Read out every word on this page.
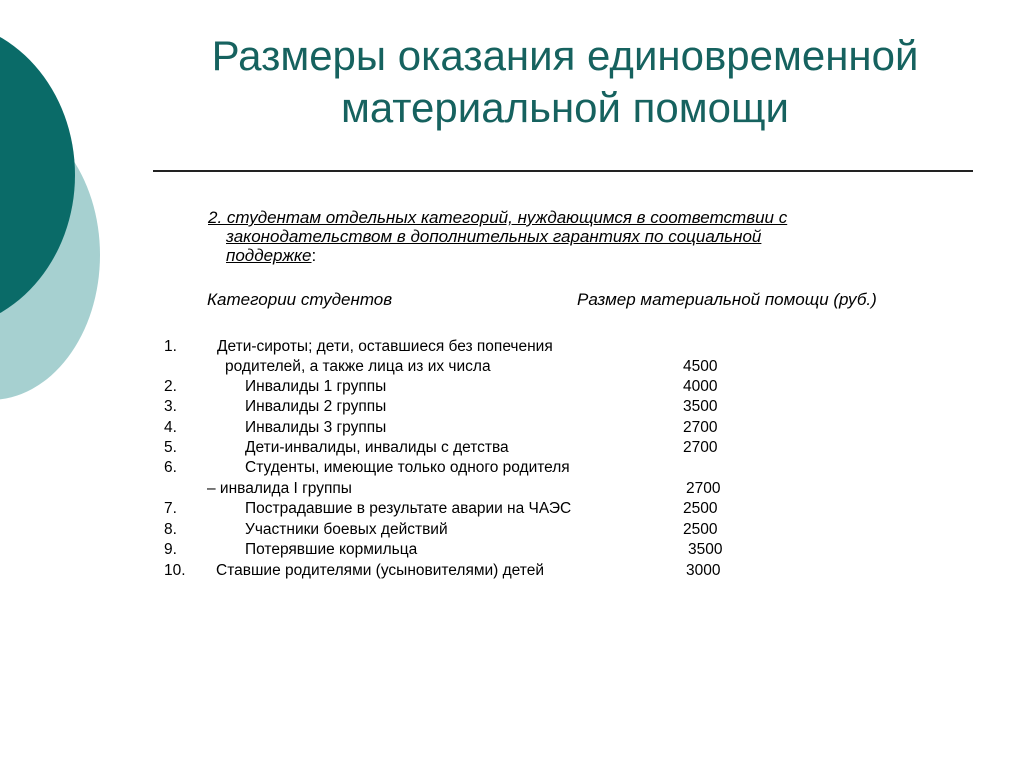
Размеры оказания единовременной
материальной помощи
2. студентам отдельных категорий, нуждающимся в соответствии с
законодательством в дополнительных гарантиях по социальной
поддержке:
Категории студентов	Размер материальной помощи (руб.)
1.	Дети-сироты; дети, оставшиеся без попечения
родителей, а также лица из их числа	4500
2.	Инвалиды 1 группы	4000
3.	Инвалиды 2 группы	3500
4.	Инвалиды 3 группы	2700
5.	Дети-инвалиды, инвалиды с детства	2700
6.	Студенты, имеющие только одного родителя
– инвалида I группы	2700
7.	Пострадавшие в результате аварии на ЧАЭС	2500
8.	Участники боевых действий	2500
9.	Потерявшие кормильца	3500
10. Ставшие родителями (усыновителями) детей	3000
